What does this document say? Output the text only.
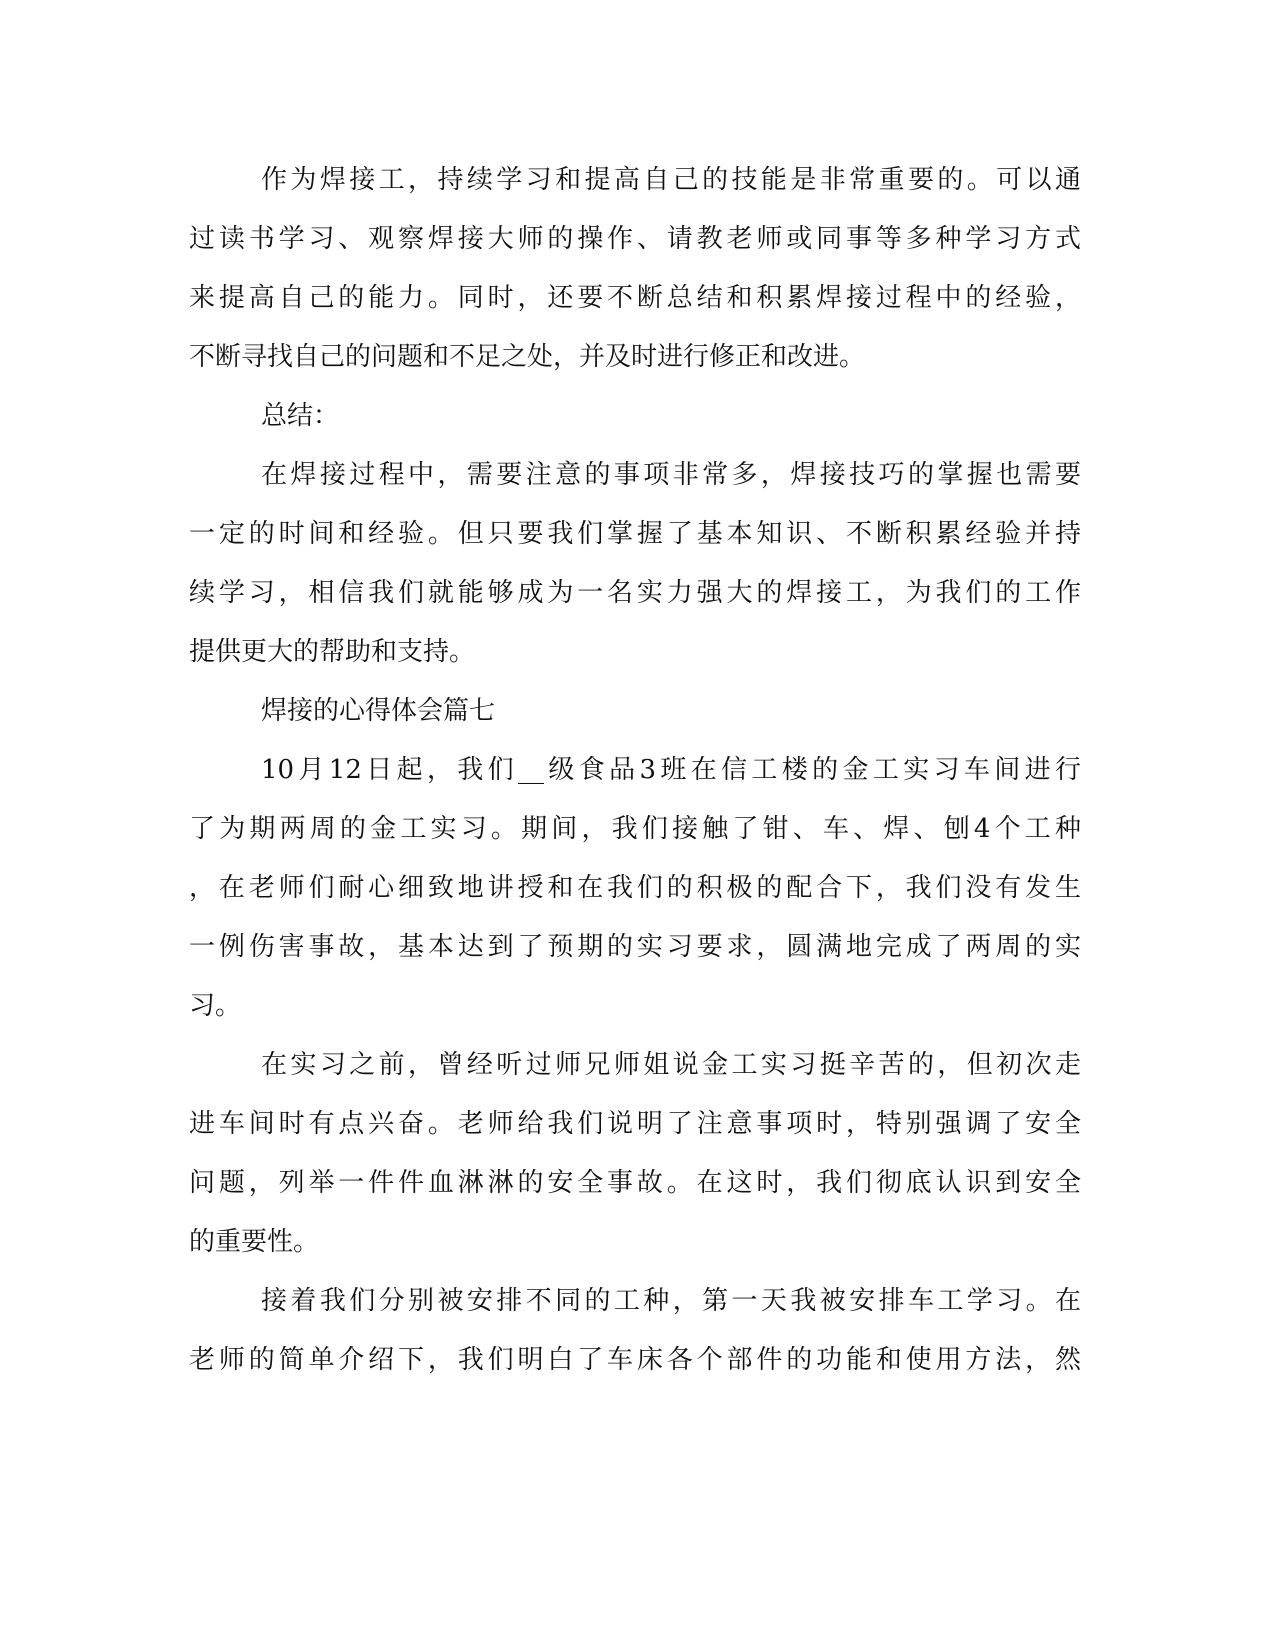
作为焊接工，持续学习和提高自己的技能是非常重要的。可以通
过读书学习、观察焊接大师的操作、请教老师或同事等多种学习方式
来提高自己的能力。同时，还要不断总结和积累焊接过程中的经验，
不断寻找自己的问题和不足之处，并及时进行修正和改进。
总结：
在焊接过程中，需要注意的事项非常多，焊接技巧的掌握也需要
一定的时间和经验。但只要我们掌握了基本知识、不断积累经验并持
续学习，相信我们就能够成为一名实力强大的焊接工，为我们的工作
提供更大的帮助和支持。
焊接的心得体会篇七
10月12日起，我们__级食品3班在信工楼的金工实习车间进行
了为期两周的金工实习。期间，我们接触了钳、车、焊、刨4个工种
，在老师们耐心细致地讲授和在我们的积极的配合下，我们没有发生
一例伤害事故，基本达到了预期的实习要求，圆满地完成了两周的实
习。
在实习之前，曾经听过师兄师姐说金工实习挺辛苦的，但初次走
进车间时有点兴奋。老师给我们说明了注意事项时，特别强调了安全
问题，列举一件件血淋淋的安全事故。在这时，我们彻底认识到安全
的重要性。
接着我们分别被安排不同的工种，第一天我被安排车工学习。在
老师的简单介绍下，我们明白了车床各个部件的功能和使用方法，然
